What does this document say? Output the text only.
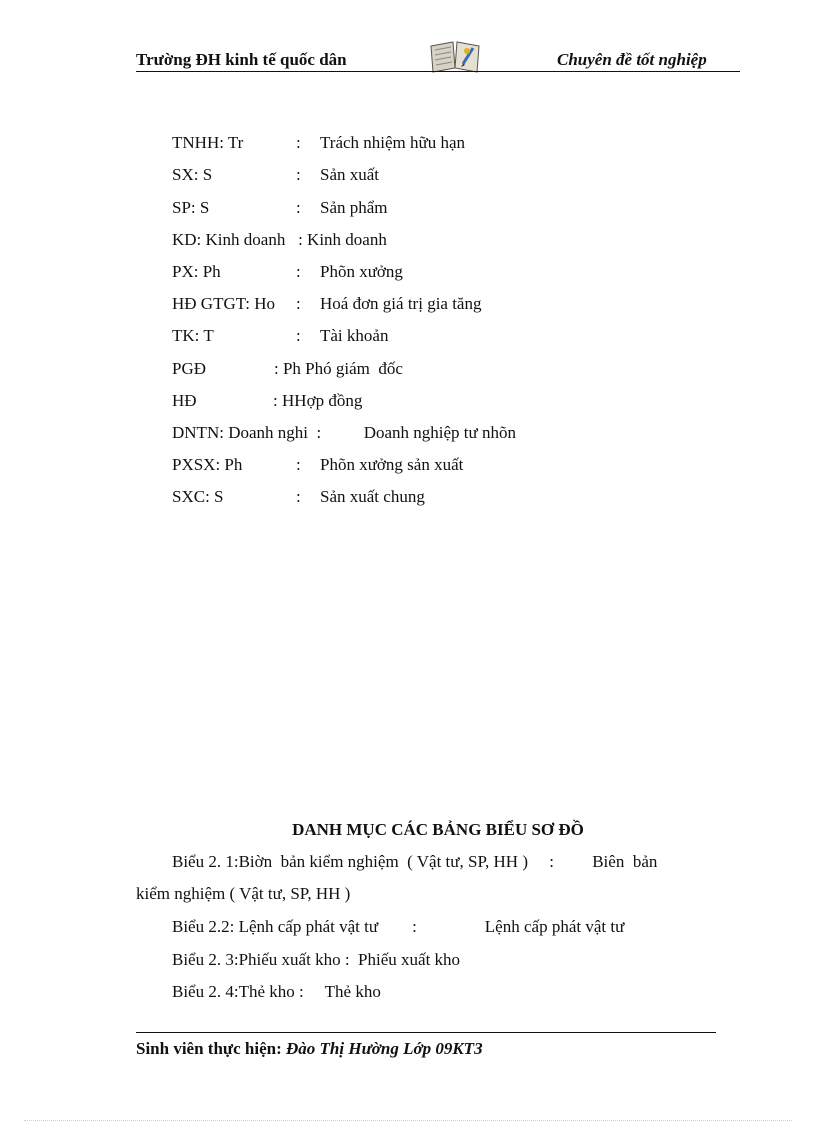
Trường ĐH kinh tế quốc dân	Chuyên đề tốt nghiệp
TNHH: Tr	: Trách nhiệm hữu hạn
SX: S	: Sản xuất
SP: S	: Sản phẩm
KD: Kinh doanh   : Kinh doanh
PX: Ph	: Phõn xưởng
HĐ GTGT: Ho : Hoá đơn giá trị gia tăng
TK: T	: Tài khoản
PGĐ                : Ph Phó giám  đốc
HĐ                  : HHợp đồng
DNTN: Doanh nghi  :          Doanh nghiệp tư nhõn
PXSX: Ph	: Phõn xưởng sản xuất
SXC: S	: Sản xuất chung
DANH MỤC CÁC BẢNG BIỂU SƠ ĐỒ
Biểu 2. 1:Biờn  bản kiểm nghiệm  ( Vật tư, SP, HH )     :         Biên  bản
kiểm nghiệm ( Vật tư, SP, HH )
Biểu 2.2: Lệnh cấp phát vật tư        :                Lệnh cấp phát vật tư
Biểu 2. 3:Phiếu xuất kho :  Phiếu xuất kho
Biểu 2. 4:Thẻ kho :     Thẻ kho
Sinh viên thực hiện: Đào Thị Hường Lớp 09KT3
